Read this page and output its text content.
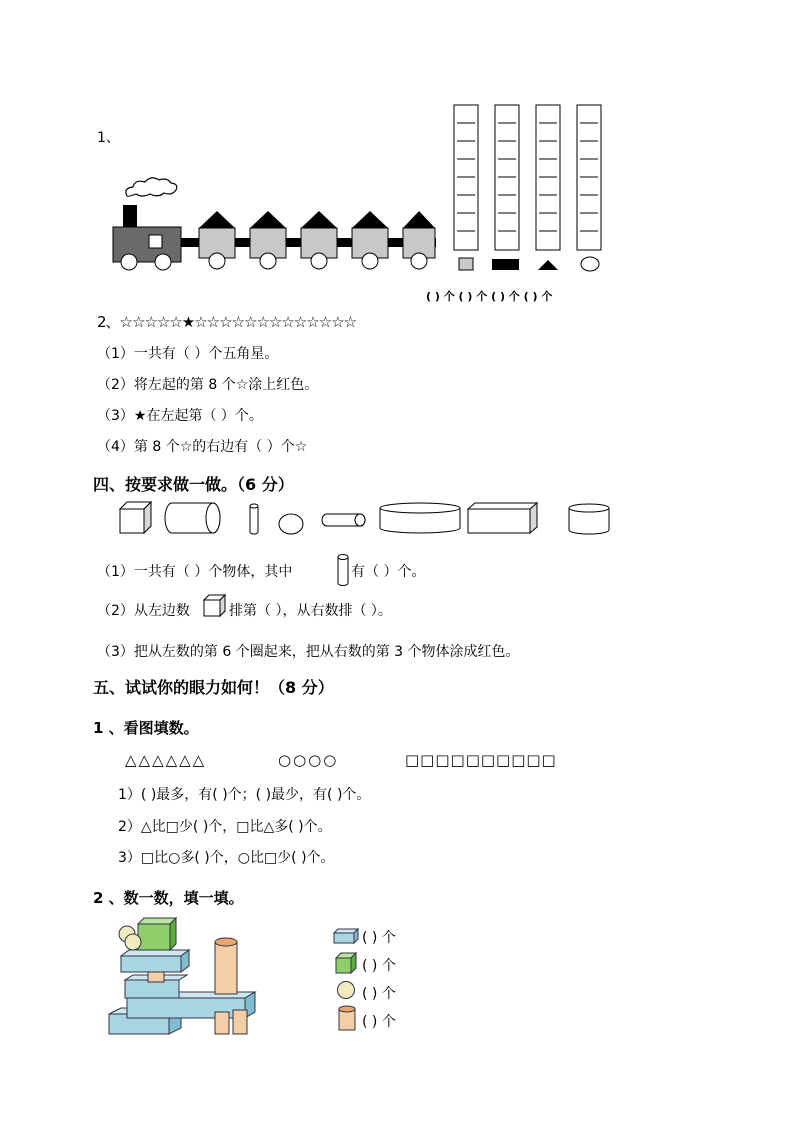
1、
( ) 个 ( ) 个 ( ) 个 ( ) 个
2、☆☆☆☆☆★☆☆☆☆☆☆☆☆☆☆☆☆☆
（1）一共有（ ）个五角星。
（2）将左起的第 8 个☆涂上红色。
（3）★在左起第（ ）个。
（4）第 8 个☆的右边有（ ）个☆
四、按要求做一做。（6 分）
（1）一共有（ ）个物体，其中	有（ ）个。
（2）从左边数	排第（ ），从右数排（ ）。
（3）把从左数的第 6 个圈起来，把从右数的第 3 个物体涂成红色。
五、试试你的眼力如何！（8 分）
1 、看图填数。
△△△△△△	○○○○	□□□□□□□□□□
1）( )最多，有( )个；( )最少，有( )个。
2）△比□少( )个，□比△多( )个。
3）□比○多( )个，○比□少( )个。
2 、数一数，填一填。
( ) 个
( ) 个
( ) 个
( ) 个
